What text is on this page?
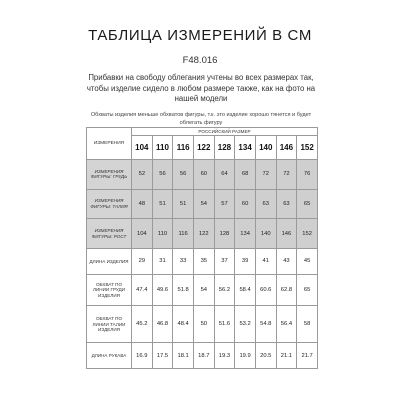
ТАБЛИЦА ИЗМЕРЕНИЙ В СМ
F48.016
Прибавки на свободу облегания учтены во всех размерах так, чтобы изделие сидело в любом размере также, как на фото на нашей модели
Обхваты изделия меньше обхватов фигуры, т.к. это изделие хорошо тянется и будет облегать фигуру
ИЗМЕРЕНИЯ	РОССИЙСКИЙ РАЗМЕР								
	104	110	116	122	128	134	140	146	152
ИЗМЕРЕНИЯ ФИГУРЫ: ГРУДЬ	52	56	56	60	64	68	72	72	76
ИЗМЕРЕНИЯ ФИГУРЫ: ТАЛИЯ	48	51	51	54	57	60	63	63	65
ИЗМЕРЕНИЯ ФИГУРЫ: РОСТ	104	110	116	122	128	134	140	146	152
ДЛИНА ИЗДЕЛИЯ	29	31	33	35	37	39	41	43	45
ОБХВАТ ПО ЛИНИИ ГРУДИ ИЗДЕЛИЯ	47.4	49.6	51.8	54	56.2	58.4	60.6	62.8	65
ОБХВАТ ПО ЛИНИИ ТАЛИИ ИЗДЕЛИЯ	45.2	46.8	48.4	50	51.6	53.2	54.8	56.4	58
ДЛИНА РУКАВА	16.9	17.5	18.1	18.7	19.3	19.9	20.5	21.1	21.7
